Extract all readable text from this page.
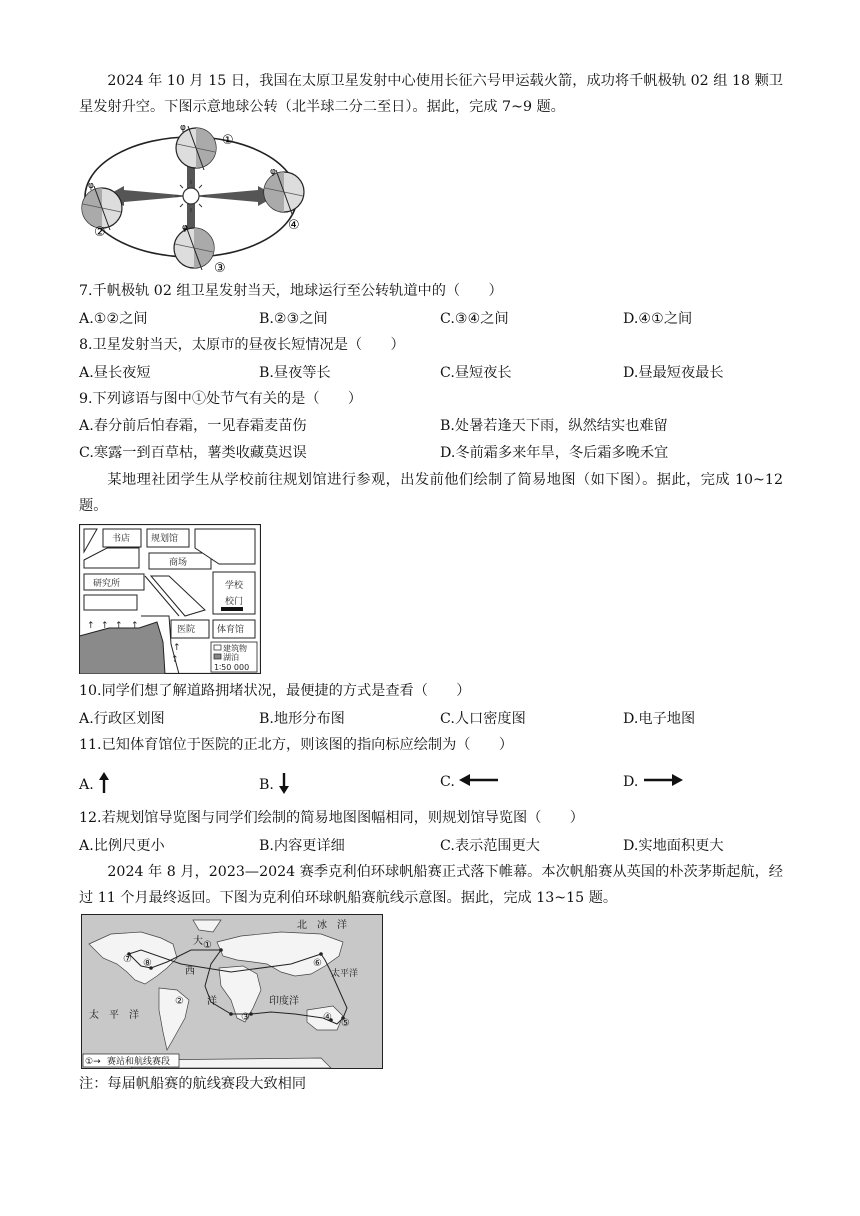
2024 年 10 月 15 日，我国在太原卫星发射中心使用长征六号甲运载火箭，成功将千帆极轨 02 组 18 颗卫星发射升空。下图示意地球公转（北半球二分二至日）。据此，完成 7~9 题。
①
②
③
④
φ
φ
φ
φ
7.千帆极轨 02 组卫星发射当天，地球运行至公转轨道中的（　　）
A.①②之间	B.②③之间	C.③④之间	D.④①之间
8.卫星发射当天，太原市的昼夜长短情况是（　　）
A.昼长夜短	B.昼夜等长	C.昼短夜长	D.昼最短夜最长
9.下列谚语与图中①处节气有关的是（　　）
A.春分前后怕春霜，一见春霜麦苗伤	B.处暑若逢天下雨，纵然结实也难留
C.寒露一到百草枯，薯类收藏莫迟误	D.冬前霜多来年旱，冬后霜多晚禾宜
某地理社团学生从学校前往规划馆进行参观，出发前他们绘制了简易地图（如下图）。据此，完成 10~12 题。
书店 规划馆
商场
研究所	学校
校门
医院 体育馆
↑ ↑ ↑ ↑
↑
↑	建筑物
湖泊
1∶50 000
10.同学们想了解道路拥堵状况，最便捷的方式是查看（　　）
A.行政区划图	B.地形分布图	C.人口密度图	D.电子地图
11.已知体育馆位于医院的正北方，则该图的指向标应绘制为（　　）
A.	B.	C.	D.
12.若规划馆导览图与同学们绘制的简易地图图幅相同，则规划馆导览图（　　）
A.比例尺更小	B.内容更详细	C.表示范围更大	D.实地面积更大
2024 年 8 月，2023—2024 赛季克利伯环球帆船赛正式落下帷幕。本次帆船赛从英国的朴茨茅斯起航，经过 11 个月最终返回。下图为克利伯环球帆船赛航线示意图。据此，完成 13~15 题。
①
②
③	④
⑤
⑥
⑦ ⑧
北　冰　洋
大
西
洋
太　平　洋
太平洋
印度洋
①→ 赛站和航线赛段
注：每届帆船赛的航线赛段大致相同
